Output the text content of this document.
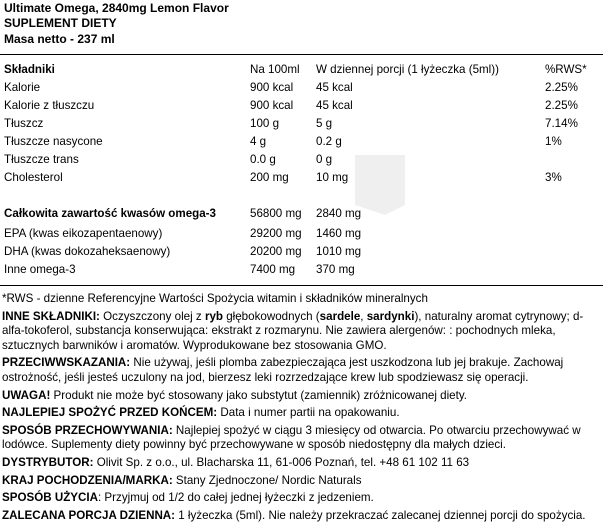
Ultimate Omega, 2840mg Lemon Flavor
SUPLEMENT DIETY
Masa netto - 237 ml
Składniki	Na 100ml W dziennej porcji (1 łyżeczka (5ml))	%RWS*
Kalorie	900 kcal 45 kcal	2.25%
Kalorie z tłuszczu	900 kcal 45 kcal	2.25%
Tłuszcz	100 g	5 g	7.14%
Tłuszcze nasycone	4 g	0.2 g	1%
Tłuszcze trans	0.0 g	0 g
Cholesterol	200 mg 10 mg	3%
Całkowita zawartość kwasów omega-3	56800 mg 2840 mg
EPA (kwas eikozapentaenowy)	29200 mg 1460 mg
DHA (kwas dokozaheksaenowy)	20200 mg 1010 mg
Inne omega-3	7400 mg 370 mg

*RWS - dzienne Referencyjne Wartości Spożycia witamin i składników mineralnych

INNE SKŁADNIKI: Oczyszczony olej z ryb głębokowodnych (sardele, sardynki), naturalny aromat cytrynowy; d-alfa-tokoferol, substancja konserwująca: ekstrakt z rozmarynu. Nie zawiera alergenów: : pochodnych mleka, sztucznych barwników i aromatów. Wyprodukowane bez stosowania GMO.

PRZECIWWSKAZANIA: Nie używaj, jeśli plomba zabezpieczająca jest uszkodzona lub jej brakuje. Zachowaj ostrożność, jeśli jesteś uczulony na jod, bierzesz leki rozrzedzające krew lub spodziewasz się operacji.

UWAGA! Produkt nie może być stosowany jako substytut (zamiennik) zróżnicowanej diety.

NAJLEPIEJ SPOŻYĆ PRZED KOŃCEM: Data i numer partii na opakowaniu.

SPOSÓB PRZECHOWYWANIA: Najlepiej spożyć w ciągu 3 miesięcy od otwarcia. Po otwarciu przechowywać w lodówce. Suplementy diety powinny być przechowywane w sposób niedostępny dla małych dzieci.

DYSTRYBUTOR: Olivit Sp. z o.o., ul. Blacharska 11, 61-006 Poznań, tel. +48 61 102 11 63

KRAJ POCHODZENIA/MARKA: Stany Zjednoczone/ Nordic Naturals

SPOSÓB UŻYCIA: Przyjmuj od 1/2 do całej jednej łyżeczki z jedzeniem.

ZALECANA PORCJA DZIENNA: 1 łyżeczka (5ml). Nie należy przekraczać zalecanej dziennej porcji do spożycia.
